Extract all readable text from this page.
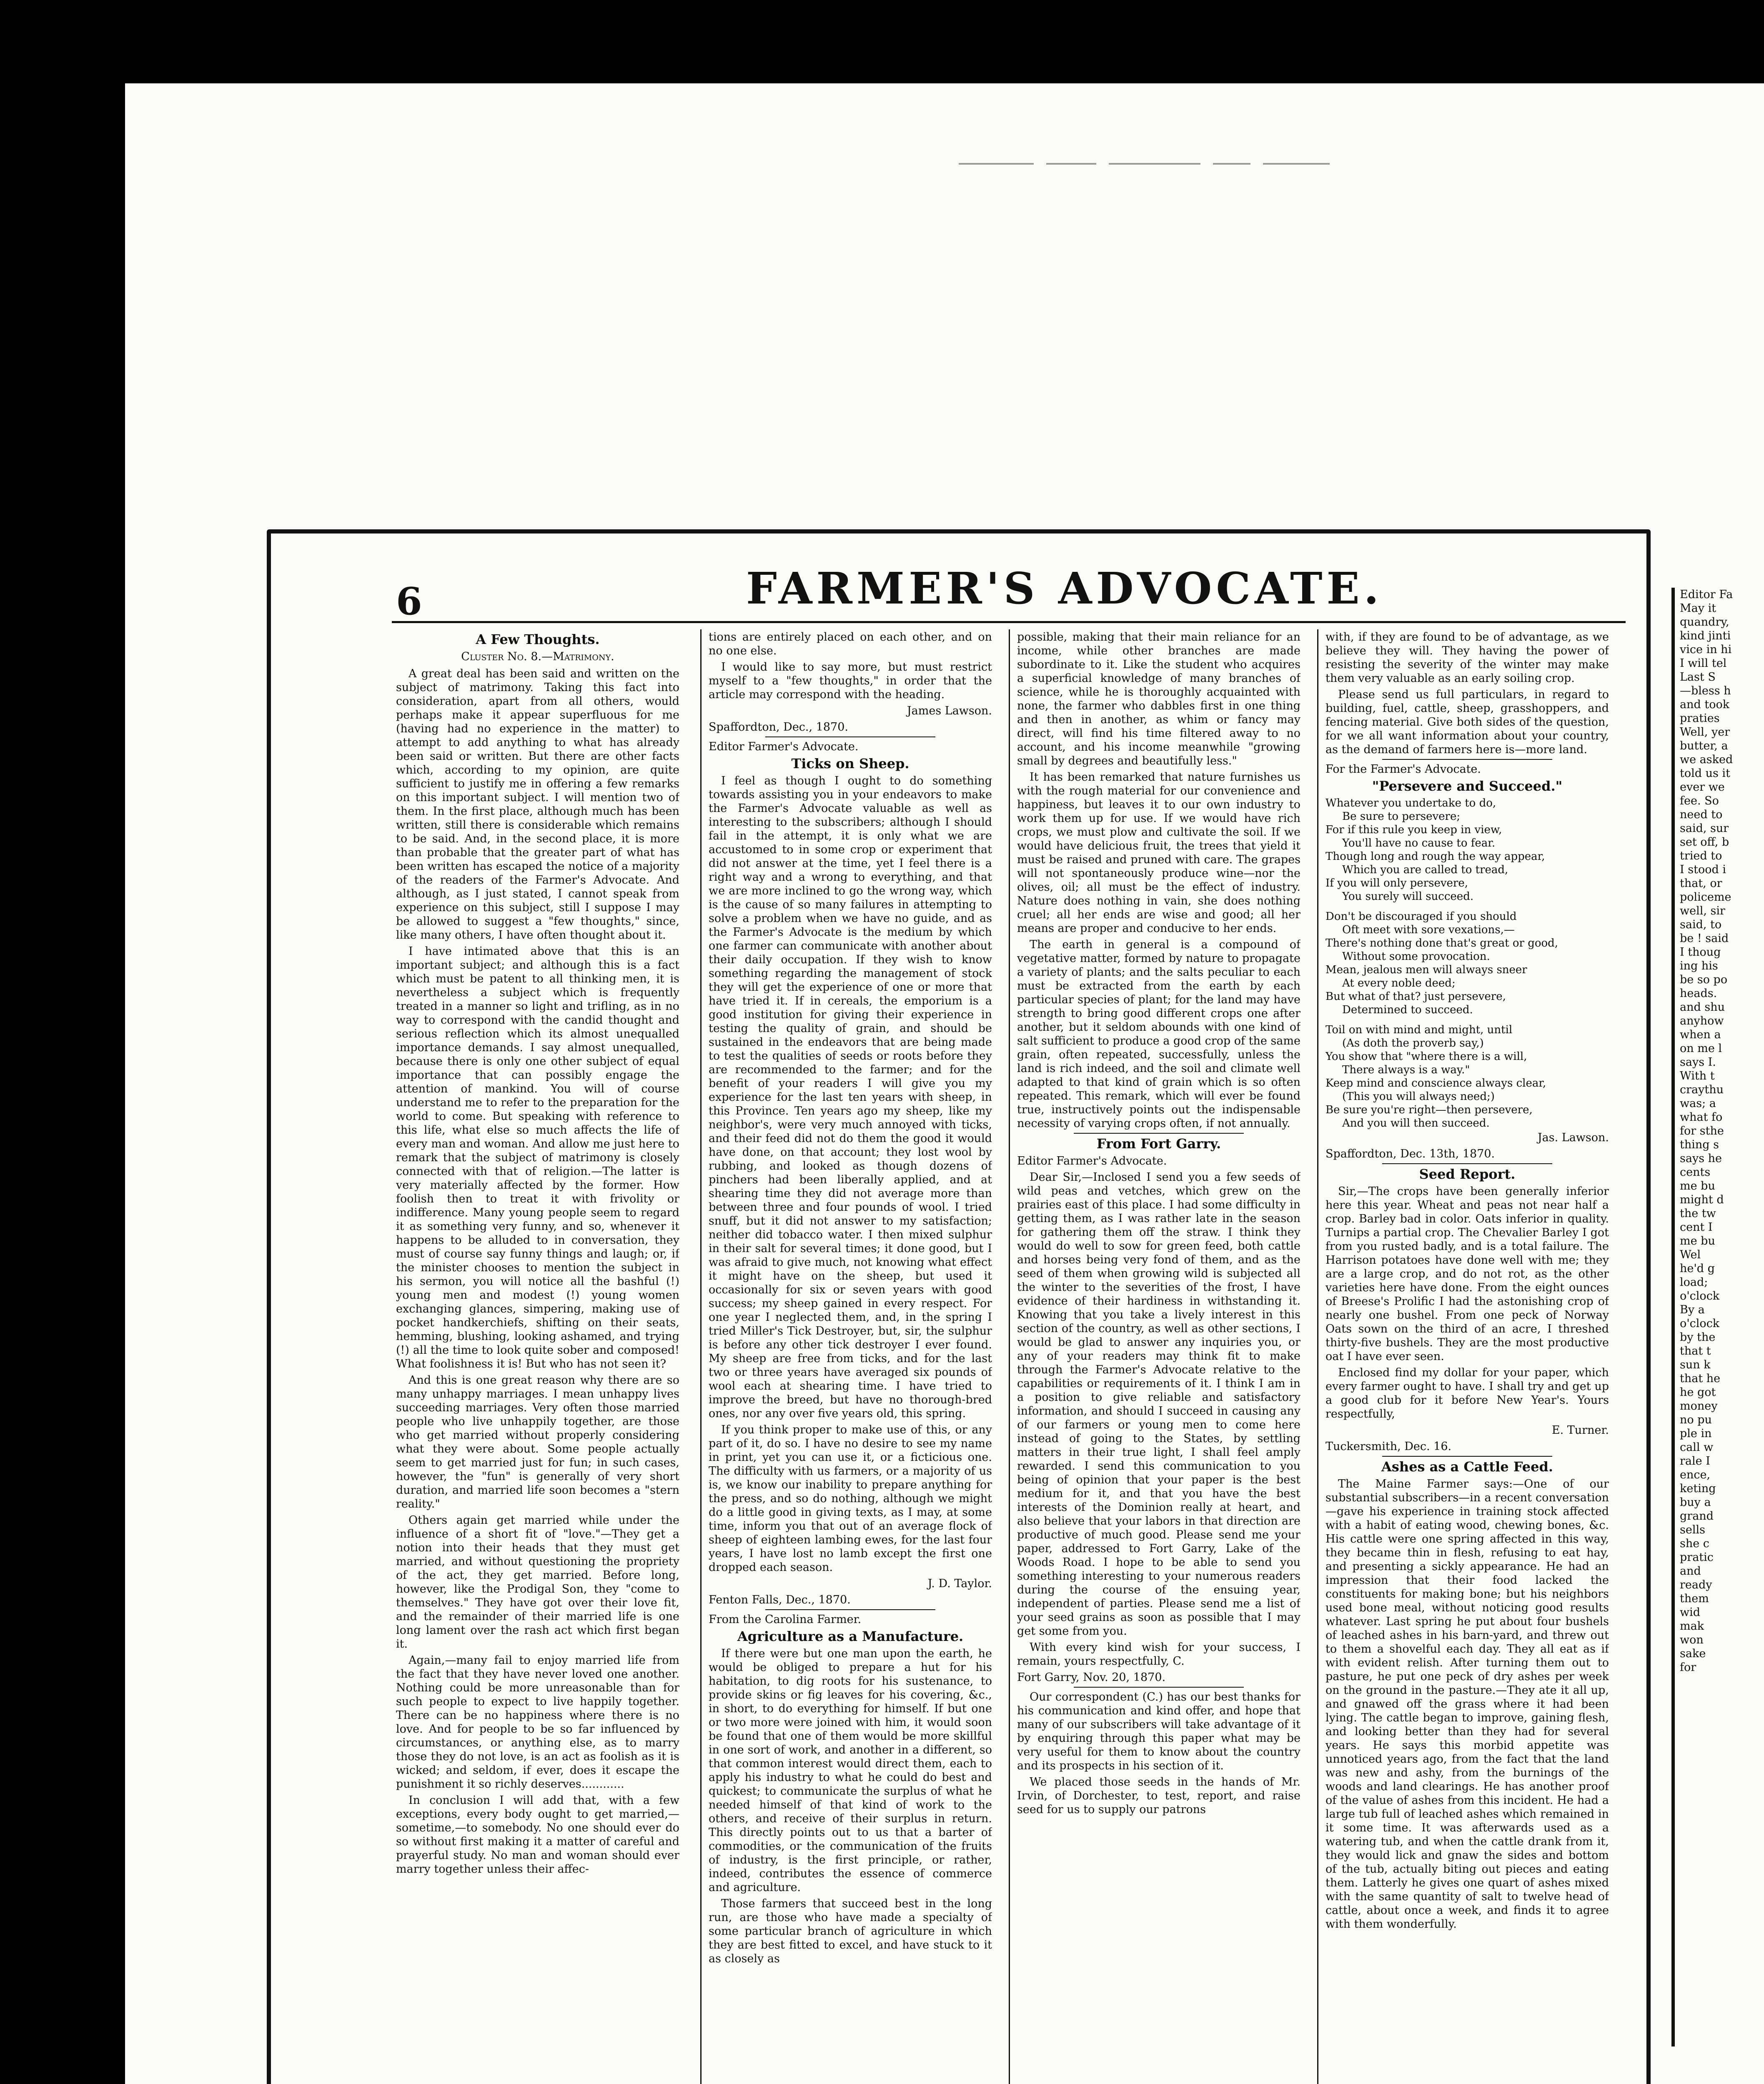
6	FARMER'S ADVOCATE.
A Few Thoughts.
Cluster No. 8.—Matrimony.

A great deal has been said and written on the subject of matrimony. Taking this fact into consideration, apart from all others, would perhaps make it appear superfluous for me (having had no experience in the matter) to attempt to add anything to what has already been said or written. But there are other facts which, according to my opinion, are quite sufficient to justify me in offering a few remarks on this important subject. I will mention two of them. In the first place, although much has been written, still there is considerable which remains to be said. And, in the second place, it is more than probable that the greater part of what has been written has escaped the notice of a majority of the readers of the Farmer's Advocate. And although, as I just stated, I cannot speak from experience on this subject, still I suppose I may be allowed to suggest a "few thoughts," since, like many others, I have often thought about it.

I have intimated above that this is an important subject; and although this is a fact which must be patent to all thinking men, it is nevertheless a subject which is frequently treated in a manner so light and trifling, as in no way to correspond with the candid thought and serious reflection which its almost unequalled importance demands. I say almost unequalled, because there is only one other subject of equal importance that can possibly engage the attention of mankind. You will of course understand me to refer to the preparation for the world to come. But speaking with reference to this life, what else so much affects the life of every man and woman. And allow me just here to remark that the subject of matrimony is closely connected with that of religion.—The latter is very materially affected by the former. How foolish then to treat it with frivolity or indifference. Many young people seem to regard it as something very funny, and so, whenever it happens to be alluded to in conversation, they must of course say funny things and laugh; or, if the minister chooses to mention the subject in his sermon, you will notice all the bashful (!) young men and modest (!) young women exchanging glances, simpering, making use of pocket handkerchiefs, shifting on their seats, hemming, blushing, looking ashamed, and trying (!) all the time to look quite sober and composed! What foolishness it is! But who has not seen it?

And this is one great reason why there are so many unhappy marriages. I mean unhappy lives succeeding marriages. Very often those married people who live unhappily together, are those who get married without properly considering what they were about. Some people actually seem to get married just for fun; in such cases, however, the "fun" is generally of very short duration, and married life soon becomes a "stern reality."

Others again get married while under the influence of a short fit of "love."—They get a notion into their heads that they must get married, and without questioning the propriety of the act, they get married. Before long, however, like the Prodigal Son, they "come to themselves." They have got over their love fit, and the remainder of their married life is one long lament over the rash act which first began it.

Again,—many fail to enjoy married life from the fact that they have never loved one another. Nothing could be more unreasonable than for such people to expect to live happily together. There can be no happiness where there is no love. And for people to be so far influenced by circumstances, or anything else, as to marry those they do not love, is an act as foolish as it is wicked; and seldom, if ever, does it escape the punishment it so richly deserves............

In conclusion I will add that, with a few exceptions, every body ought to get married,—sometime,—to somebody. No one should ever do so without first making it a matter of careful and prayerful study. No man and woman should ever marry together unless their affec-

tions are entirely placed on each other, and on no one else.

I would like to say more, but must restrict myself to a "few thoughts," in order that the article may correspond with the heading.

James Lawson.

Spaffordton, Dec., 1870.

Editor Farmer's Advocate.

Ticks on Sheep.

I feel as though I ought to do something towards assisting you in your endeavors to make the Farmer's Advocate valuable as well as interesting to the subscribers; although I should fail in the attempt, it is only what we are accustomed to in some crop or experiment that did not answer at the time, yet I feel there is a right way and a wrong to everything, and that we are more inclined to go the wrong way, which is the cause of so many failures in attempting to solve a problem when we have no guide, and as the Farmer's Advocate is the medium by which one farmer can communicate with another about their daily occupation. If they wish to know something regarding the management of stock they will get the experience of one or more that have tried it. If in cereals, the emporium is a good institution for giving their experience in testing the quality of grain, and should be sustained in the endeavors that are being made to test the qualities of seeds or roots before they are recommended to the farmer; and for the benefit of your readers I will give you my experience for the last ten years with sheep, in this Province. Ten years ago my sheep, like my neighbor's, were very much annoyed with ticks, and their feed did not do them the good it would have done, on that account; they lost wool by rubbing, and looked as though dozens of pinchers had been liberally applied, and at shearing time they did not average more than between three and four pounds of wool. I tried snuff, but it did not answer to my satisfaction; neither did tobacco water. I then mixed sulphur in their salt for several times; it done good, but I was afraid to give much, not knowing what effect it might have on the sheep, but used it occasionally for six or seven years with good success; my sheep gained in every respect. For one year I neglected them, and, in the spring I tried Miller's Tick Destroyer, but, sir, the sulphur is before any other tick destroyer I ever found. My sheep are free from ticks, and for the last two or three years have averaged six pounds of wool each at shearing time. I have tried to improve the breed, but have no thorough-bred ones, nor any over five years old, this spring.

If you think proper to make use of this, or any part of it, do so. I have no desire to see my name in print, yet you can use it, or a ficticious one. The difficulty with us farmers, or a majority of us is, we know our inability to prepare anything for the press, and so do nothing, although we might do a little good in giving texts, as I may, at some time, inform you that out of an average flock of sheep of eighteen lambing ewes, for the last four years, I have lost no lamb except the first one dropped each season.

J. D. Taylor.

Fenton Falls, Dec., 1870.

From the Carolina Farmer.

Agriculture as a Manufacture.

If there were but one man upon the earth, he would be obliged to prepare a hut for his habitation, to dig roots for his sustenance, to provide skins or fig leaves for his covering, &c., in short, to do everything for himself. If but one or two more were joined with him, it would soon be found that one of them would be more skillful in one sort of work, and another in a different, so that common interest would direct them, each to apply his industry to what he could do best and quickest; to communicate the surplus of what he needed himself of that kind of work to the others, and receive of their surplus in return. This directly points out to us that a barter of commodities, or the communication of the fruits of industry, is the first principle, or rather, indeed, contributes the essence of commerce and agriculture.

Those farmers that succeed best in the long run, are those who have made a specialty of some particular branch of agriculture in which they are best fitted to excel, and have stuck to it as closely as

possible, making that their main reliance for an income, while other branches are made subordinate to it. Like the student who acquires a superficial knowledge of many branches of science, while he is thoroughly acquainted with none, the farmer who dabbles first in one thing and then in another, as whim or fancy may direct, will find his time filtered away to no account, and his income meanwhile "growing small by degrees and beautifully less."

It has been remarked that nature furnishes us with the rough material for our convenience and happiness, but leaves it to our own industry to work them up for use. If we would have rich crops, we must plow and cultivate the soil. If we would have delicious fruit, the trees that yield it must be raised and pruned with care. The grapes will not spontaneously produce wine—nor the olives, oil; all must be the effect of industry. Nature does nothing in vain, she does nothing cruel; all her ends are wise and good; all her means are proper and conducive to her ends.

The earth in general is a compound of vegetative matter, formed by nature to propagate a variety of plants; and the salts peculiar to each must be extracted from the earth by each particular species of plant; for the land may have strength to bring good different crops one after another, but it seldom abounds with one kind of salt sufficient to produce a good crop of the same grain, often repeated, successfully, unless the land is rich indeed, and the soil and climate well adapted to that kind of grain which is so often repeated. This remark, which will ever be found true, instructively points out the indispensable necessity of varying crops often, if not annually.

From Fort Garry.

Editor Farmer's Advocate.

Dear Sir,—Inclosed I send you a few seeds of wild peas and vetches, which grew on the prairies east of this place. I had some difficulty in getting them, as I was rather late in the season for gathering them off the straw. I think they would do well to sow for green feed, both cattle and horses being very fond of them, and as the seed of them when growing wild is subjected all the winter to the severities of the frost, I have evidence of their hardiness in withstanding it. Knowing that you take a lively interest in this section of the country, as well as other sections, I would be glad to answer any inquiries you, or any of your readers may think fit to make through the Farmer's Advocate relative to the capabilities or requirements of it. I think I am in a position to give reliable and satisfactory information, and should I succeed in causing any of our farmers or young men to come here instead of going to the States, by settling matters in their true light, I shall feel amply rewarded. I send this communication to you being of opinion that your paper is the best medium for it, and that you have the best interests of the Dominion really at heart, and also believe that your labors in that direction are productive of much good. Please send me your paper, addressed to Fort Garry, Lake of the Woods Road. I hope to be able to send you something interesting to your numerous readers during the course of the ensuing year, independent of parties. Please send me a list of your seed grains as soon as possible that I may get some from you.

With every kind wish for your success, I remain, yours respectfully, C.

Fort Garry, Nov. 20, 1870.

Our correspondent (C.) has our best thanks for his communication and kind offer, and hope that many of our subscribers will take advantage of it by enquiring through this paper what may be very useful for them to know about the country and its prospects in his section of it.

We placed those seeds in the hands of Mr. Irvin, of Dorchester, to test, report, and raise seed for us to supply our patrons

with, if they are found to be of advantage, as we believe they will. They having the power of resisting the severity of the winter may make them very valuable as an early soiling crop.

Please send us full particulars, in regard to building, fuel, cattle, sheep, grasshoppers, and fencing material. Give both sides of the question, for we all want information about your country, as the demand of farmers here is—more land.

For the Farmer's Advocate.

"Persevere and Succeed."
Whatever you undertake to do,
Be sure to persevere;
For if this rule you keep in view,
You'll have no cause to fear.
Though long and rough the way appear,
Which you are called to tread,
If you will only persevere,
You surely will succeed.
Don't be discouraged if you should
Oft meet with sore vexations,—
There's nothing done that's great or good,
Without some provocation.
Mean, jealous men will always sneer
At every noble deed;
But what of that? just persevere,
Determined to succeed.
Toil on with mind and might, until
(As doth the proverb say,)
You show that "where there is a will,
There always is a way."
Keep mind and conscience always clear,
(This you will always need;)
Be sure you're right—then persevere,
And you will then succeed.
Jas. Lawson.

Spaffordton, Dec. 13th, 1870.

Seed Report.

Sir,—The crops have been generally inferior here this year. Wheat and peas not near half a crop. Barley bad in color. Oats inferior in quality. Turnips a partial crop. The Chevalier Barley I got from you rusted badly, and is a total failure. The Harrison potatoes have done well with me; they are a large crop, and do not rot, as the other varieties here have done. From the eight ounces of Breese's Prolific I had the astonishing crop of nearly one bushel. From one peck of Norway Oats sown on the third of an acre, I threshed thirty-five bushels. They are the most productive oat I have ever seen.

Enclosed find my dollar for your paper, which every farmer ought to have. I shall try and get up a good club for it before New Year's. Yours respectfully,

E. Turner.

Tuckersmith, Dec. 16.

Ashes as a Cattle Feed.

The Maine Farmer says:—One of our substantial subscribers—in a recent conversation—gave his experience in training stock affected with a habit of eating wood, chewing bones, &c. His cattle were one spring affected in this way, they became thin in flesh, refusing to eat hay, and presenting a sickly appearance. He had an impression that their food lacked the constituents for making bone; but his neighbors used bone meal, without noticing good results whatever. Last spring he put about four bushels of leached ashes in his barn-yard, and threw out to them a shovelful each day. They all eat as if with evident relish. After turning them out to pasture, he put one peck of dry ashes per week on the ground in the pasture.—They ate it all up, and gnawed off the grass where it had been lying. The cattle began to improve, gaining flesh, and looking better than they had for several years. He says this morbid appetite was unnoticed years ago, from the fact that the land was new and ashy, from the burnings of the woods and land clearings. He has another proof of the value of ashes from this incident. He had a large tub full of leached ashes which remained in it some time. It was afterwards used as a watering tub, and when the cattle drank from it, they would lick and gnaw the sides and bottom of the tub, actually biting out pieces and eating them. Latterly he gives one quart of ashes mixed with the same quantity of salt to twelve head of cattle, about once a week, and finds it to agree with them wonderfully.

Editor Fa
May it
quandry,
kind jinti
vice in hi
I will tel
Last S
—bless h
and took
praties
Well, yer
butter, a
we asked
told us it
ever we
fee. So
need to
said, sur
set off, b
tried to
I stood i
that, or
policeme
well, sir
said, to
be ! said
I thoug
ing his
be so po
heads.
and shu
anyhow
when a
on me l
says I.
With t
craythu
was; a
what fo
for sthe
thing s
says he
cents
me bu
might d
the tw
cent I
me bu
Wel
he'd g
load;
o'clock
By a
o'clock
by the
that t
sun k
that he
he got
money
no pu
ple in
call w
rale I
ence,
keting
buy a
grand
sells
she c
pratic
and
ready
them
wid
mak
won
sake
for
